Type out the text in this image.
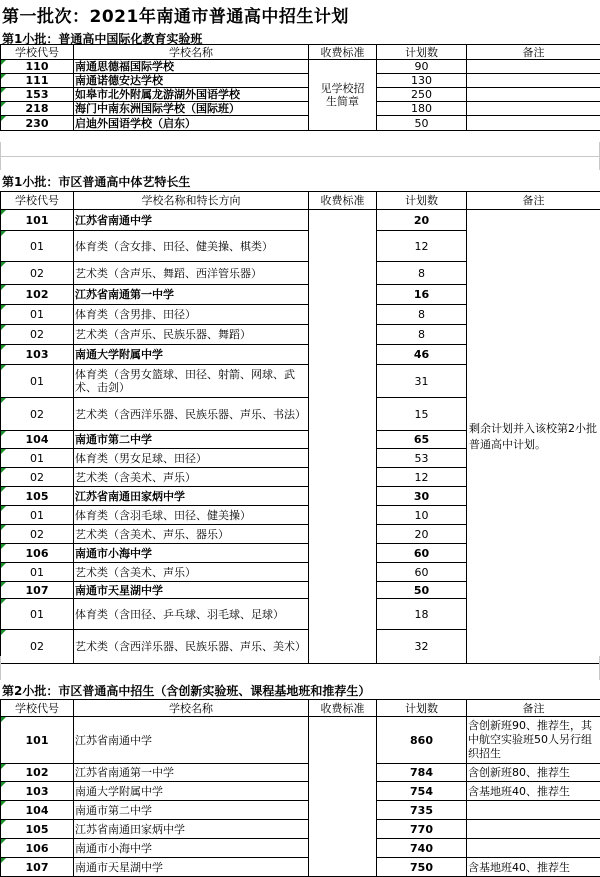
第一批次：2021年南通市普通高中招生计划
第1小批：普通高中国际化教育实验班
学校代号	学校名称	收费标准	计划数	备注
110	南通思德福国际学校	见学校招生简章	90	
111	南通诺德安达学校		130	
153	如皋市北外附属龙游湖外国语学校		250	
218	海门中南东洲国际学校（国际班）		180	
230	启迪外国语学校（启东）		50	
第1小批：市区普通高中体艺特长生
学校代号	学校名称和特长方向	收费标准	计划数	备注
101	江苏省南通中学		20	剩余计划并入该校第2小批普通高中计划。
01	体育类（含女排、田径、健美操、棋类）		12	
02	艺术类（含声乐、舞蹈、西洋管乐器）		8	
102	江苏省南通第一中学		16	
01	体育类（含男排、田径）		8	
02	艺术类（含声乐、民族乐器、舞蹈）		8	
103	南通大学附属中学		46	
01	体育类（含男女篮球、田径、射箭、网球、武术、击剑）		31	
02	艺术类（含西洋乐器、民族乐器、声乐、书法）		15	
104	南通市第二中学		65	
01	体育类（男女足球、田径）		53	
02	艺术类（含美术、声乐）		12	
105	江苏省南通田家炳中学		30	
01	体育类（含羽毛球、田径、健美操）		10	
02	艺术类（含美术、声乐、器乐）		20	
106	南通市小海中学		60	
01	艺术类（含美术、声乐）		60	
107	南通市天星湖中学		50	
01	体育类（含田径、乒乓球、羽毛球、足球）		18	
02	艺术类（含西洋乐器、民族乐器、声乐、美术）		32	
第2小批：市区普通高中招生（含创新实验班、课程基地班和推荐生）
学校代号	学校名称	收费标准	计划数	备注
101	江苏省南通中学		860	含创新班90、推荐生，其中航空实验班50人另行组织招生
102	江苏省南通第一中学		784	含创新班80、推荐生
103	南通大学附属中学		754	含基地班40、推荐生
104	南通市第二中学		735	
105	江苏省南通田家炳中学		770	
106	南通市小海中学		740	
107	南通市天星湖中学		750	含基地班40、推荐生
